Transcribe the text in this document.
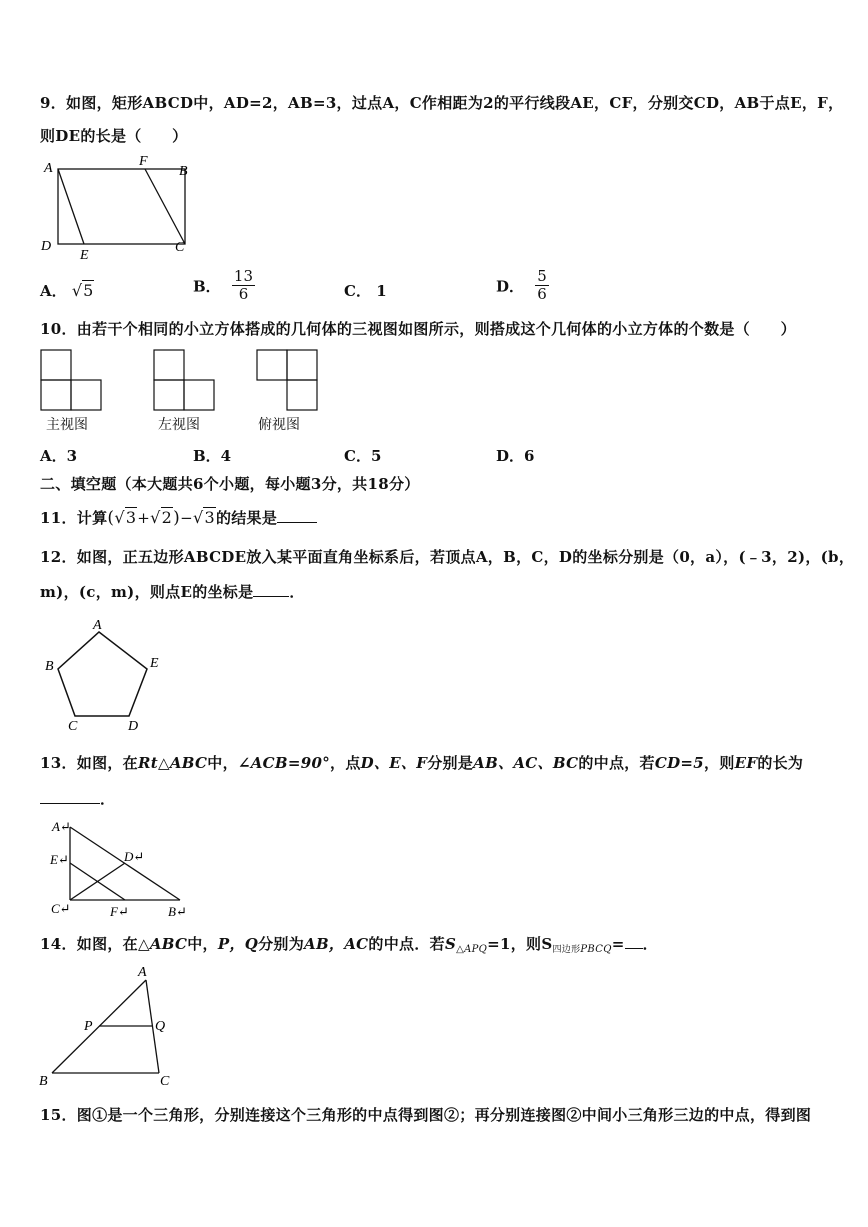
9．如图，矩形ABCD中，AD=2，AB=3，过点A，C作相距为2的平行线段AE，CF，分别交CD，AB于点E，F，
则DE的长是（　　）
A	F
B
D
E
C
A． √5	B． $\frac{13}{6}$	C． 1	D． $\frac{5}{6}$
10．由若干个相同的小立方体搭成的几何体的三视图如图所示，则搭成这个几何体的小立方体的个数是（　　）
主视图	左视图	俯视图
A．3	B．4	C．5	D．6
二、填空题（本大题共6个小题，每小题3分，共18分）
11．计算(√3+√2)−√3的结果是
12．如图，正五边形ABCDE放入某平面直角坐标系后，若顶点A，B，C，D的坐标分别是（0，a），(﹣3，2)，(b，
m)，(c，m)，则点E的坐标是 ．
A
B	E
C	D
13．如图，在Rt△ABC中，∠ACB=90°，点D、E、F分别是AB、AC、BC的中点，若CD=5，则EF的长为
．
A↵
E↵	D↵
C↵	F↵	B↵
14．如图，在△ABC中，P，Q分别为AB，AC的中点．若$S_{\triangle APQ}=1$，则$S_{四边形PBCQ}=$ ．
A
P	Q
B	C
15．图①是一个三角形，分别连接这个三角形的中点得到图②；再分别连接图②中间小三角形三边的中点，得到图
